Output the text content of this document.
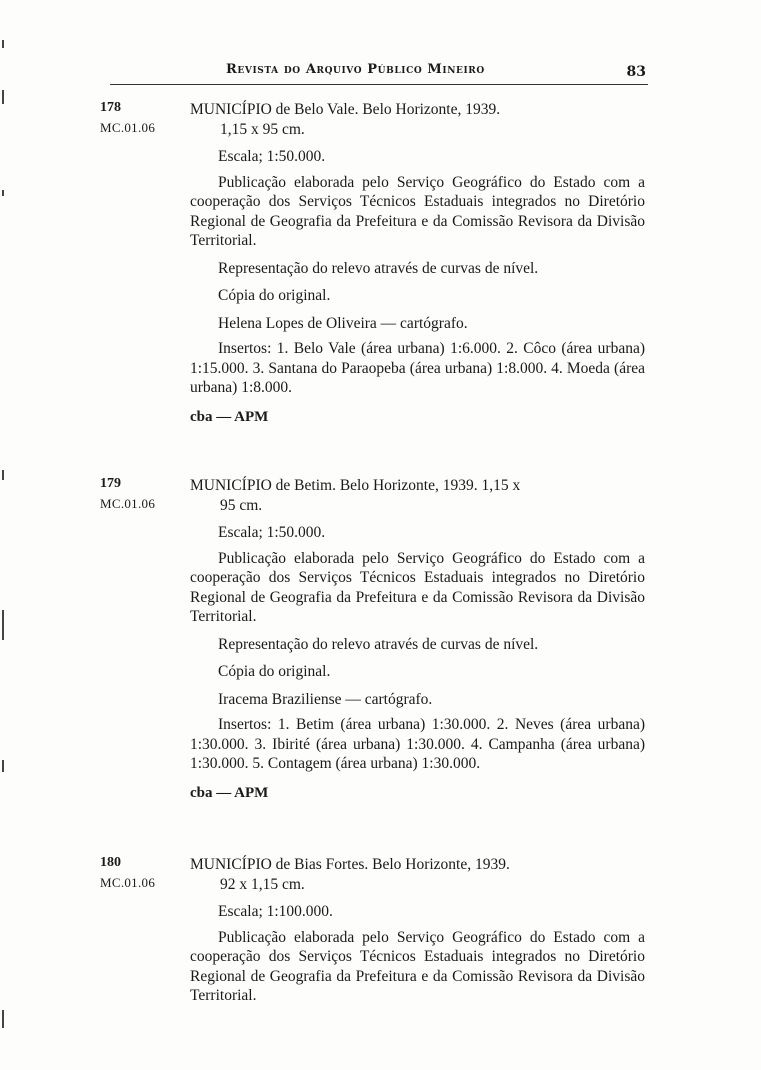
Revista do Arquivo Público Mineiro	83
178
MC.01.06

MUNICÍPIO de Belo Vale. Belo Horizonte, 1939.
1,15 x 95 cm.

Escala; 1:50.000.

Publicação elaborada pelo Serviço Geográfico do Estado com a cooperação dos Serviços Técnicos Estaduais integrados no Diretório Regional de Geografia da Prefeitura e da Comissão Revisora da Divisão Territorial.

Representação do relevo através de curvas de nível.

Cópia do original.

Helena Lopes de Oliveira — cartógrafo.

Insertos: 1. Belo Vale (área urbana) 1:6.000. 2. Côco (área urbana) 1:15.000. 3. Santana do Paraopeba (área urbana) 1:8.000. 4. Moeda (área urbana) 1:8.000.

cba — APM

179
MC.01.06

MUNICÍPIO de Betim. Belo Horizonte, 1939. 1,15 x
95 cm.

Escala; 1:50.000.

Publicação elaborada pelo Serviço Geográfico do Estado com a cooperação dos Serviços Técnicos Estaduais integrados no Diretório Regional de Geografia da Prefeitura e da Comissão Revisora da Divisão Territorial.

Representação do relevo através de curvas de nível.

Cópia do original.

Iracema Braziliense — cartógrafo.

Insertos: 1. Betim (área urbana) 1:30.000. 2. Neves (área urbana) 1:30.000. 3. Ibirité (área urbana) 1:30.000. 4. Campanha (área urbana) 1:30.000. 5. Contagem (área urbana) 1:30.000.

cba — APM

180
MC.01.06

MUNICÍPIO de Bias Fortes. Belo Horizonte, 1939.
92 x 1,15 cm.

Escala; 1:100.000.

Publicação elaborada pelo Serviço Geográfico do Estado com a cooperação dos Serviços Técnicos Estaduais integrados no Diretório Regional de Geografia da Prefeitura e da Comissão Revisora da Divisão Territorial.
